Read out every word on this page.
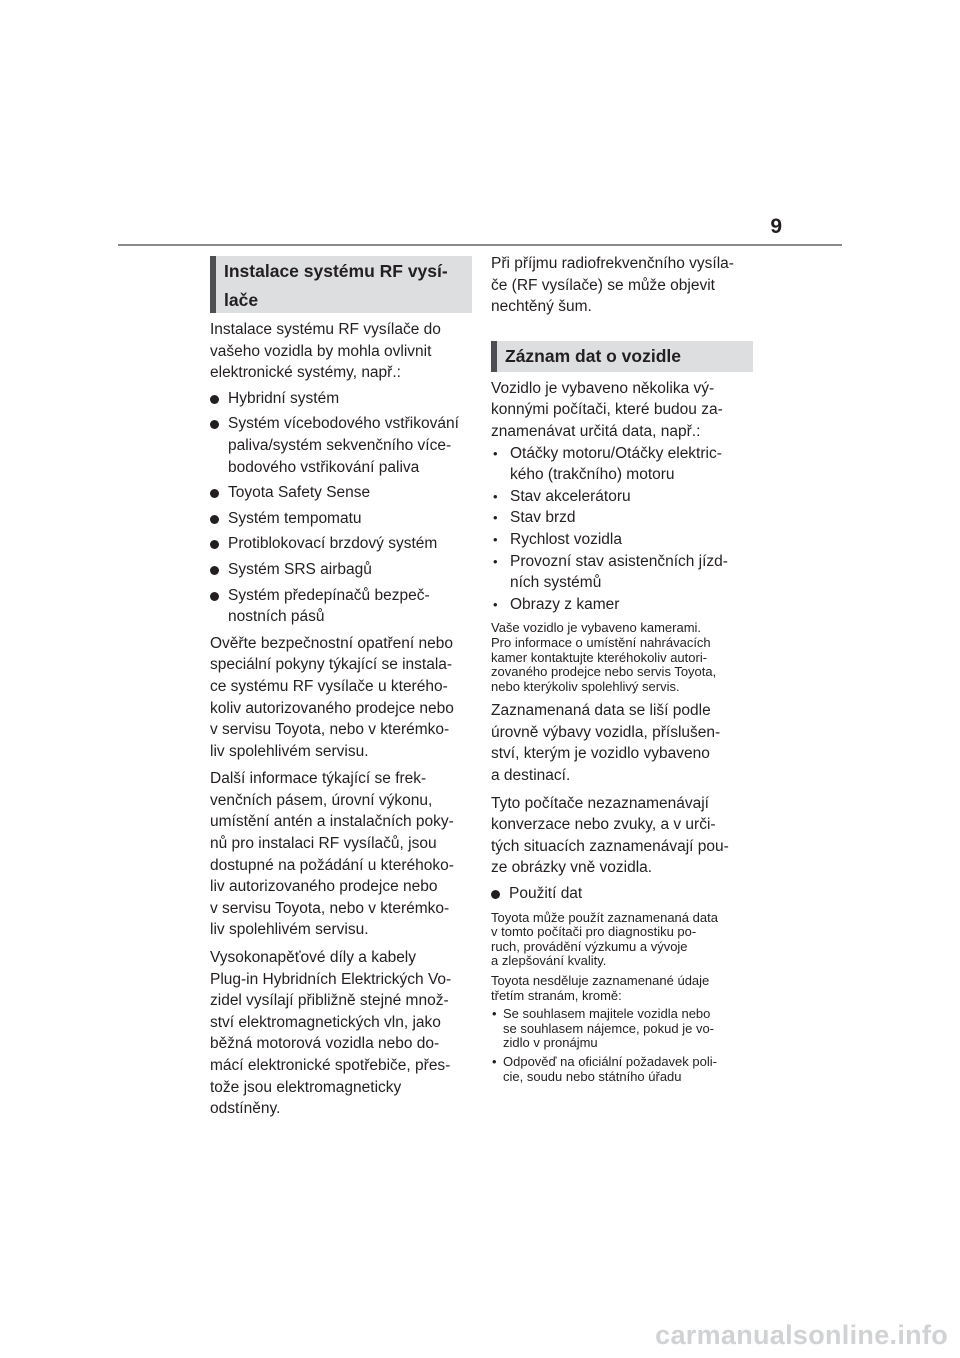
9
Instalace systému RF vysí-
lače

Instalace systému RF vysílače do
vašeho vozidla by mohla ovlivnit
elektronické systémy, např.:

Hybridní systém
Systém vícebodového vstřikování
paliva/systém sekvenčního více-
bodového vstřikování paliva
Toyota Safety Sense
Systém tempomatu
Protiblokovací brzdový systém
Systém SRS airbagů
Systém předepínačů bezpeč-
nostních pásů

Ověřte bezpečnostní opatření nebo
speciální pokyny týkající se instala-
ce systému RF vysílače u kterého-
koliv autorizovaného prodejce nebo
v servisu Toyota, nebo v kterémko-
liv spolehlivém servisu.

Další informace týkající se frek-
venčních pásem, úrovní výkonu,
umístění antén a instalačních poky-
nů pro instalaci RF vysílačů, jsou
dostupné na požádání u kteréhoko-
liv autorizovaného prodejce nebo
v servisu Toyota, nebo v kterémko-
liv spolehlivém servisu.

Vysokonapěťové díly a kabely
Plug-in Hybridních Elektrických Vo-
zidel vysílají přibližně stejné množ-
ství elektromagnetických vln, jako
běžná motorová vozidla nebo do-
mácí elektronické spotřebiče, přes-
tože jsou elektromagneticky
odstíněny.

Při příjmu radiofrekvenčního vysíla-
če (RF vysílače) se může objevit
nechtěný šum.

Záznam dat o vozidle

Vozidlo je vybaveno několika vý-
konnými počítači, které budou za-
znamenávat určitá data, např.:

• Otáčky motoru/Otáčky elektric-
kého (trakčního) motoru
• Stav akcelerátoru
• Stav brzd
• Rychlost vozidla
• Provozní stav asistenčních jízd-
ních systémů
• Obrazy z kamer

Vaše vozidlo je vybaveno kamerami.
Pro informace o umístění nahrávacích
kamer kontaktujte kteréhokoliv autori-
zovaného prodejce nebo servis Toyota,
nebo kterýkoliv spolehlivý servis.

Zaznamenaná data se liší podle
úrovně výbavy vozidla, příslušen-
ství, kterým je vozidlo vybaveno
a destinací.

Tyto počítače nezaznamenávají
konverzace nebo zvuky, a v urči-
tých situacích zaznamenávají pou-
ze obrázky vně vozidla.

Použití dat

Toyota může použít zaznamenaná data
v tomto počítači pro diagnostiku po-
ruch, provádění výzkumu a vývoje
a zlepšování kvality.

Toyota nesděluje zaznamenané údaje
třetím stranám, kromě:

• Se souhlasem majitele vozidla nebo
se souhlasem nájemce, pokud je vo-
zidlo v pronájmu
• Odpověď na oficiální požadavek poli-
cie, soudu nebo státního úřadu
carmanualsonline.info
